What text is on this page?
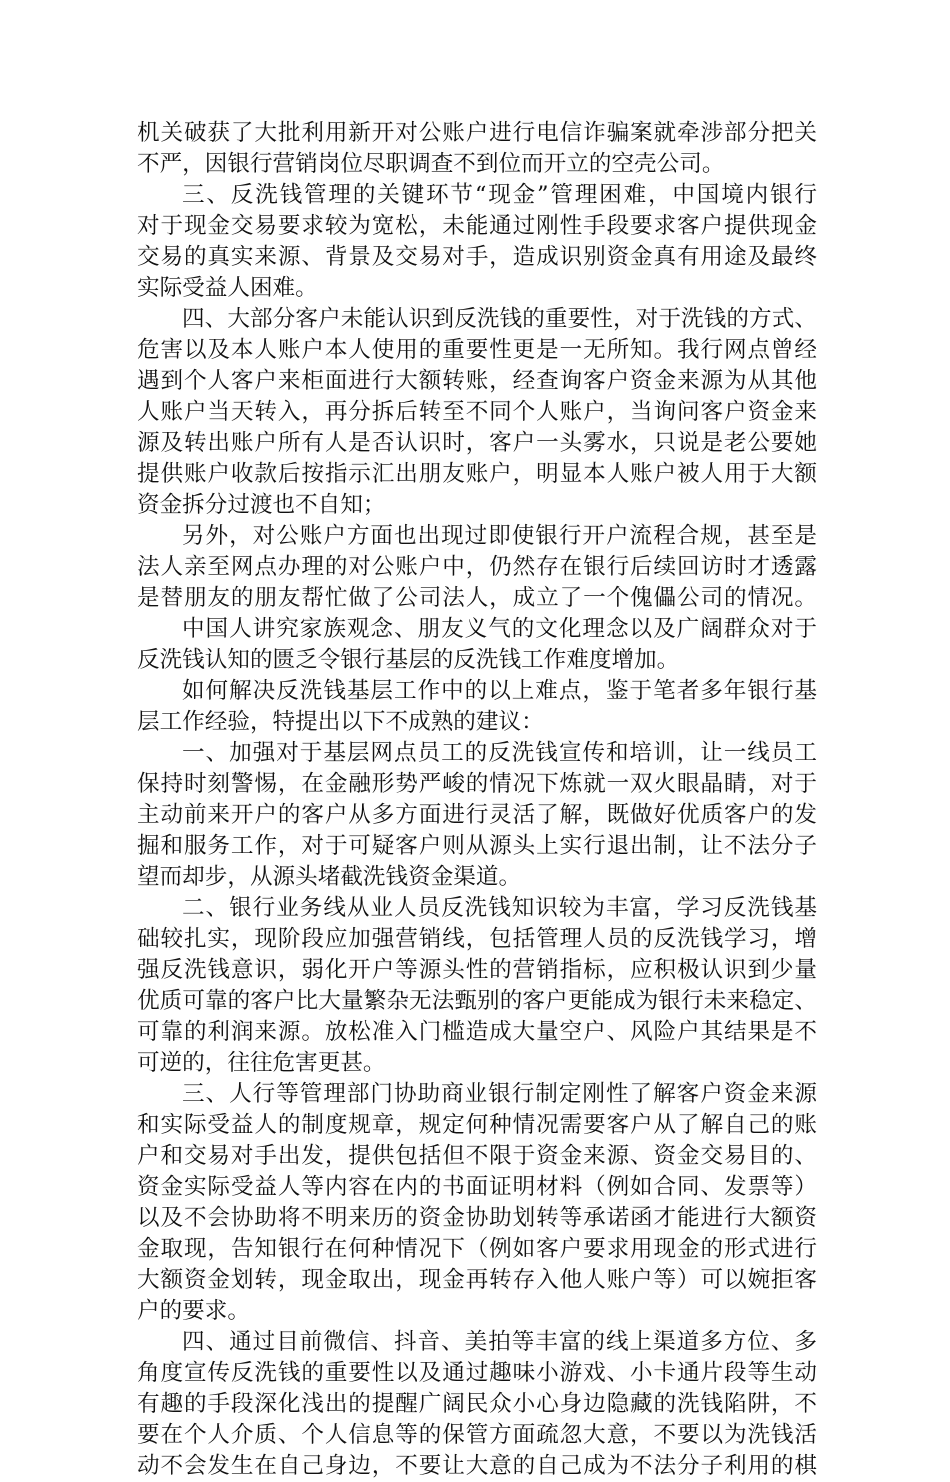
机关破获了大批利用新开对公账户进行电信诈骗案就牵涉部分把关
不严，因银行营销岗位尽职调查不到位而开立的空壳公司。
三、反洗钱管理的关键环节“现金”管理困难，中国境内银行
对于现金交易要求较为宽松，未能通过刚性手段要求客户提供现金
交易的真实来源、背景及交易对手，造成识别资金真有用途及最终
实际受益人困难。
四、大部分客户未能认识到反洗钱的重要性，对于洗钱的方式、
危害以及本人账户本人使用的重要性更是一无所知。我行网点曾经
遇到个人客户来柜面进行大额转账，经查询客户资金来源为从其他
人账户当天转入，再分拆后转至不同个人账户，当询问客户资金来
源及转出账户所有人是否认识时，客户一头雾水，只说是老公要她
提供账户收款后按指示汇出朋友账户，明显本人账户被人用于大额
资金拆分过渡也不自知；
另外，对公账户方面也出现过即使银行开户流程合规，甚至是
法人亲至网点办理的对公账户中，仍然存在银行后续回访时才透露
是替朋友的朋友帮忙做了公司法人，成立了一个傀儡公司的情况。
中国人讲究家族观念、朋友义气的文化理念以及广阔群众对于
反洗钱认知的匮乏令银行基层的反洗钱工作难度增加。
如何解决反洗钱基层工作中的以上难点，鉴于笔者多年银行基
层工作经验，特提出以下不成熟的建议：
一、加强对于基层网点员工的反洗钱宣传和培训，让一线员工
保持时刻警惕，在金融形势严峻的情况下炼就一双火眼晶睛，对于
主动前来开户的客户从多方面进行灵活了解，既做好优质客户的发
掘和服务工作，对于可疑客户则从源头上实行退出制，让不法分子
望而却步，从源头堵截洗钱资金渠道。
二、银行业务线从业人员反洗钱知识较为丰富，学习反洗钱基
础较扎实，现阶段应加强营销线，包括管理人员的反洗钱学习，增
强反洗钱意识，弱化开户等源头性的营销指标，应积极认识到少量
优质可靠的客户比大量繁杂无法甄别的客户更能成为银行未来稳定、
可靠的利润来源。放松准入门槛造成大量空户、风险户其结果是不
可逆的，往往危害更甚。
三、人行等管理部门协助商业银行制定刚性了解客户资金来源
和实际受益人的制度规章，规定何种情况需要客户从了解自己的账
户和交易对手出发，提供包括但不限于资金来源、资金交易目的、
资金实际受益人等内容在内的书面证明材料（例如合同、发票等）
以及不会协助将不明来历的资金协助划转等承诺函才能进行大额资
金取现，告知银行在何种情况下（例如客户要求用现金的形式进行
大额资金划转，现金取出，现金再转存入他人账户等）可以婉拒客
户的要求。
四、通过目前微信、抖音、美拍等丰富的线上渠道多方位、多
角度宣传反洗钱的重要性以及通过趣味小游戏、小卡通片段等生动
有趣的手段深化浅出的提醒广阔民众小心身边隐藏的洗钱陷阱，不
要在个人介质、个人信息等的保管方面疏忽大意，不要以为洗钱活
动不会发生在自己身边，不要让大意的自己成为不法分子利用的棋
